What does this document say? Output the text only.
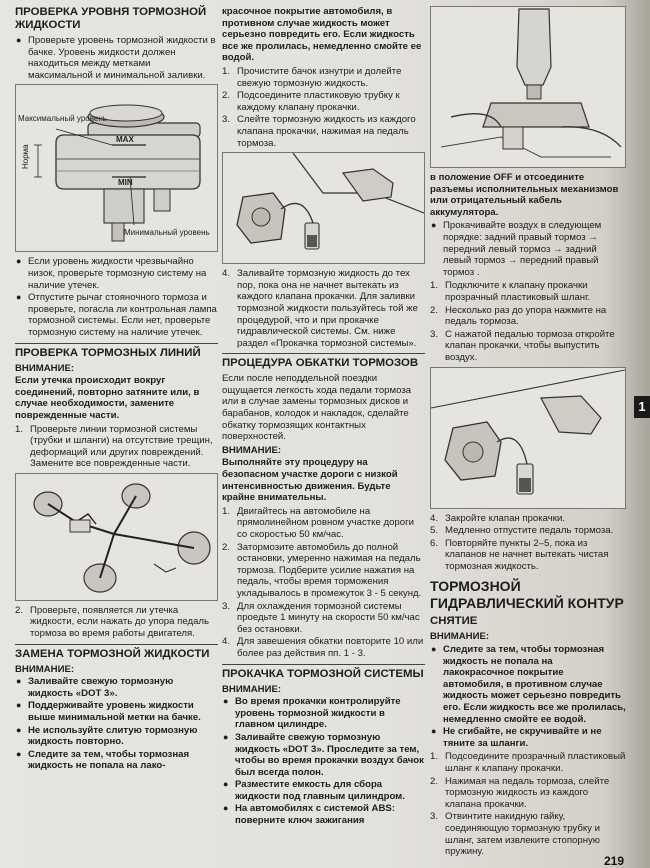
ПРОВЕРКА УРОВНЯ ТОРМОЗНОЙ ЖИДКОСТИ
● Проверьте уровень тормозной жидкости в бачке. Уровень жидкости должен находиться между метками максимальной и минимальной заливки.
Максимальный уровень
Норма
MAX
MIN
Минимальный уровень
● Если уровень жидкости чрезвычайно низок, проверьте тормозную систему на наличие утечек.
● Отпустите рычаг стояночного тормоза и проверьте, погасла ли контрольная лампа тормозной системы. Если нет, проверьте тормозную систему на наличие утечек.
ПРОВЕРКА ТОРМОЗНЫХ ЛИНИЙ
ВНИМАНИЕ:
Если утечка происходит вокруг соединений, повторно затяните или, в случае необходимости, замените поврежденные части.
1. Проверьте линии тормозной системы (трубки и шланги) на отсутствие трещин, деформаций или других повреждений. Замените все поврежденные части.
2. Проверьте, появляется ли утечка жидкости, если нажать до упора педаль тормоза во время работы двигателя.
ЗАМЕНА ТОРМОЗНОЙ ЖИДКОСТИ
ВНИМАНИЕ:
● Заливайте свежую тормозную жидкость «DOT 3».
● Поддерживайте уровень жидкости выше минимальной метки на бачке.
● Не используйте слитую тормозную жидкость повторно.
● Следите за тем, чтобы тормозная жидкость не попала на лако-
красочное покрытие автомобиля, в противном случае жидкость может серьезно повредить его. Если жидкость все же пролилась, немедленно смойте ее водой.
1. Прочистите бачок изнутри и долейте свежую тормозную жидкость.
2. Подсоедините пластиковую трубку к каждому клапану прокачки.
3. Слейте тормозную жидкость из каждого клапана прокачки, нажимая на педаль тормоза.
4. Заливайте тормозную жидкость до тех пор, пока она не начнет вытекать из каждого клапана прокачки. Для заливки тормозной жидкости пользуйтесь той же процедурой, что и при прокачке гидравлической системы. См. ниже раздел «Прокачка тормозной системы».
ПРОЦЕДУРА ОБКАТКИ ТОРМОЗОВ
Если после неподдельной поездки ощущается легкость хода педали тормоза или в случае замены тормозных дисков и барабанов, колодок и накладок, сделайте обкатку тормозящих контактных поверхностей.
ВНИМАНИЕ:
Выполняйте эту процедуру на безопасном участке дороги с низкой интенсивностью движения. Будьте крайне внимательны.
1. Двигайтесь на автомобиле на прямолинейном ровном участке дороги со скоростью 50 км/час.
2. Затормозите автомобиль до полной остановки, умеренно нажимая на педаль тормоза. Подберите усилие нажатия на педаль, чтобы время торможения укладывалось в промежуток 3 - 5 секунд.
3. Для охлаждения тормозной системы проедьте 1 минуту на скорости 50 км/час без остановки.
4. Для завешения обкатки повторите 10 или более раз действия пп. 1 - 3.
ПРОКАЧКА ТОРМОЗНОЙ СИСТЕМЫ
ВНИМАНИЕ:
● Во время прокачки контролируйте уровень тормозной жидкости в главном цилиндре.
● Заливайте свежую тормозную жидкость «DOT 3». Проследите за тем, чтобы во время прокачки воздух бачок был всегда полон.
● Разместите емкость для сбора жидкости под главным цилиндром.
● На автомобилях с системой ABS: поверните ключ зажигания
в положение OFF и отсоедините разъемы исполнительных механизмов или отрицательный кабель аккумулятора.
● Прокачивайте воздух в следующем порядке: задний правый тормоз → передний левый тормоз → задний левый тормоз → передний правый тормоз .
1. Подключите к клапану прокачки прозрачный пластиковый шланг.
2. Несколько раз до упора нажмите на педаль тормоза.
3. С нажатой педалью тормоза откройте клапан прокачки, чтобы выпустить воздух.
4. Закройте клапан прокачки.
5. Медленно отпустите педаль тормоза.
6. Повторяйте пункты 2–5, пока из клапанов не начнет вытекать чистая тормозная жидкость.
ТОРМОЗНОЙ ГИДРАВЛИЧЕСКИЙ КОНТУР
СНЯТИЕ
ВНИМАНИЕ:
● Следите за тем, чтобы тормозная жидкость не попала на лакокрасочное покрытие автомобиля, в противном случае жидкость может серьезно повредить его. Если жидкость все же пролилась, немедленно смойте ее водой.
● Не сгибайте, не скручивайте и не тяните за шланги.
1. Подсоедините прозрачный пластиковый шланг к клапану прокачки.
2. Нажимая на педаль тормоза, слейте тормозную жидкость из каждого клапана прокачки.
3. Отвинтите накидную гайку, соединяющую тормозную трубку и шланг, затем извлеките стопорную пружину.
1
219
